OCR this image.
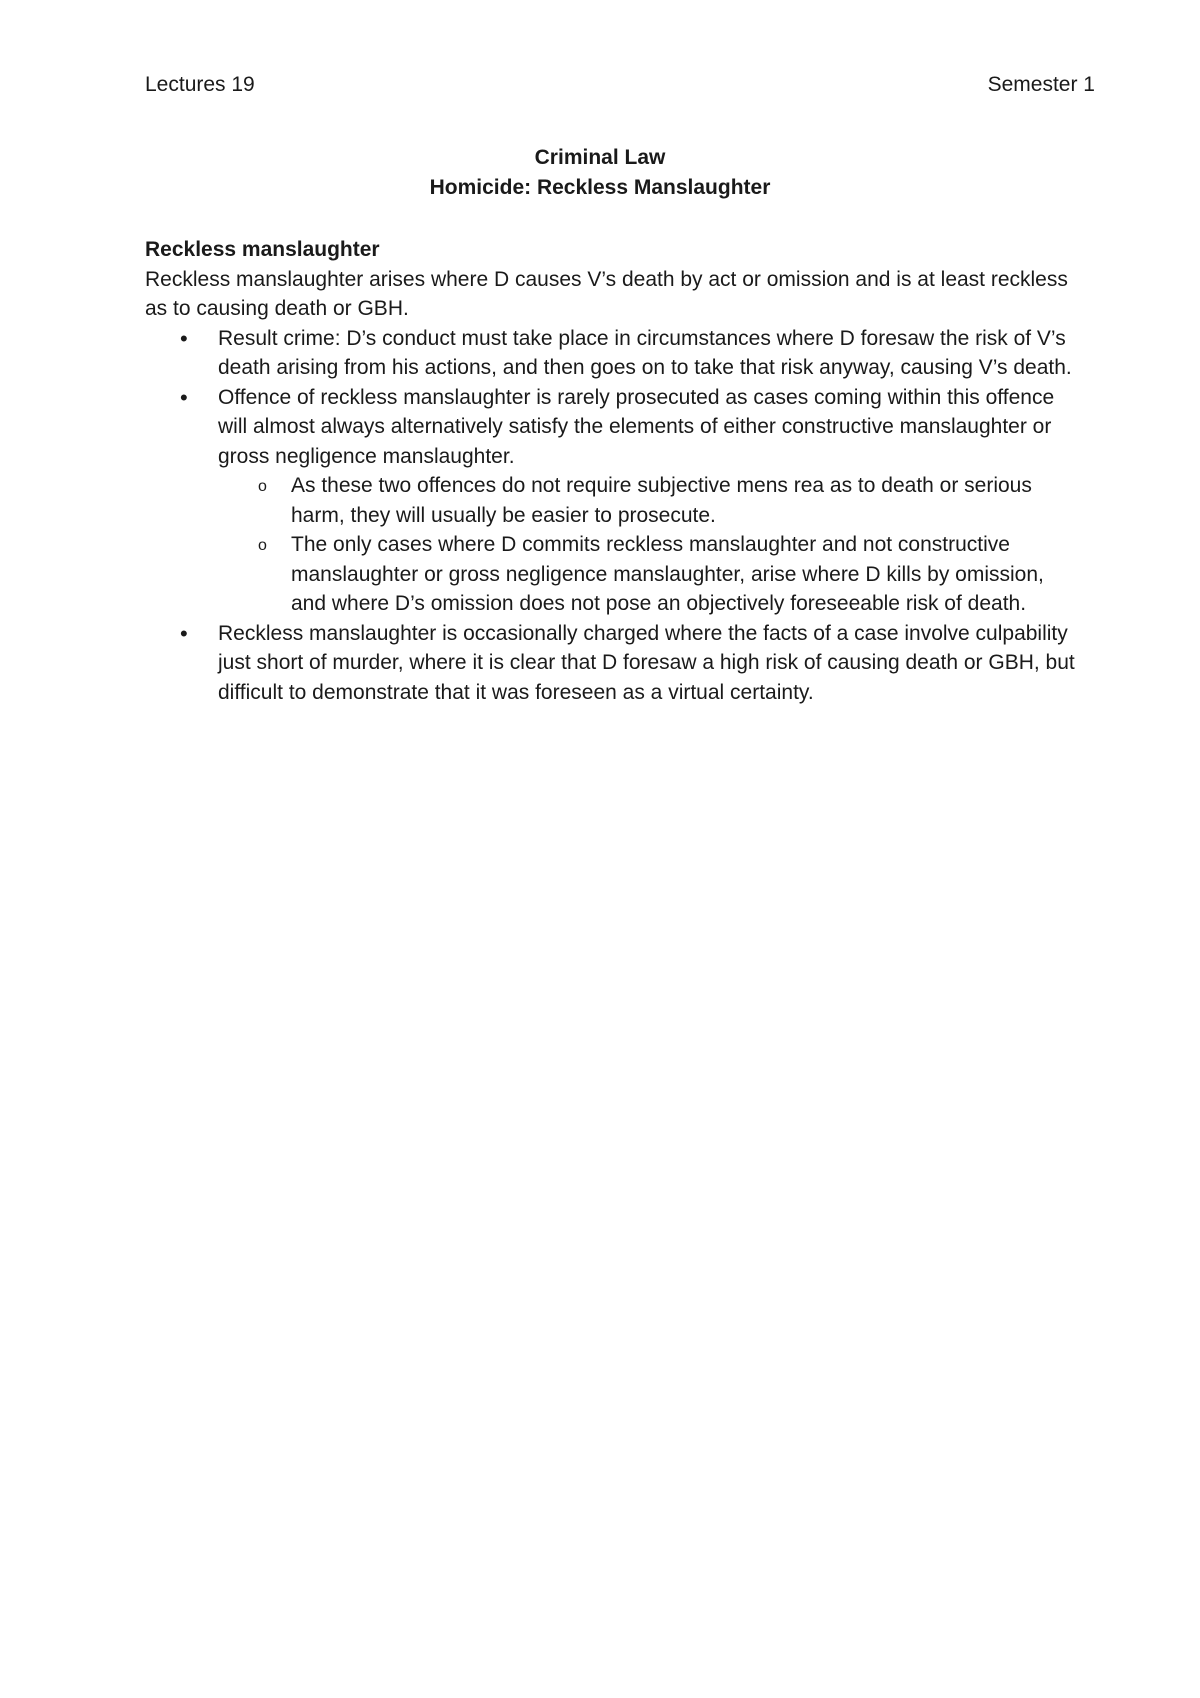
Lectures 19	Semester 1
Criminal Law
Homicide: Reckless Manslaughter

Reckless manslaughter

Reckless manslaughter arises where D causes V’s death by act or omission and is at least reckless as to causing death or GBH.

• Result crime: D’s conduct must take place in circumstances where D foresaw the risk of V’s death arising from his actions, and then goes on to take that risk anyway, causing V’s death.
• Offence of reckless manslaughter is rarely prosecuted as cases coming within this offence will almost always alternatively satisfy the elements of either constructive manslaughter or gross negligence manslaughter.
o As these two offences do not require subjective mens rea as to death or serious harm, they will usually be easier to prosecute.
o The only cases where D commits reckless manslaughter and not constructive manslaughter or gross negligence manslaughter, arise where D kills by omission, and where D’s omission does not pose an objectively foreseeable risk of death.
• Reckless manslaughter is occasionally charged where the facts of a case involve culpability just short of murder, where it is clear that D foresaw a high risk of causing death or GBH, but difficult to demonstrate that it was foreseen as a virtual certainty.
